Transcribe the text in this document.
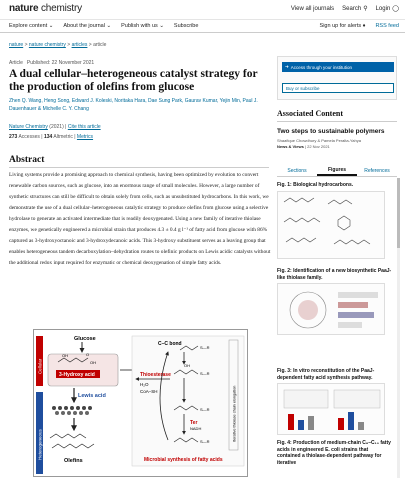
nature chemistry	View all journals Search ⚲ Login ◯
Explore content ⌄ About the journal ⌄ Publish with us ⌄ Subscribe	Sign up for alerts ♦ RSS feed
nature > nature chemistry > articles > article
Article Published: 22 November 2021
A dual cellular–heterogeneous catalyst strategy for the production of olefins from glucose
Zhen Q. Wang, Heng Song, Edward J. Koleski, Noritaka Hara, Dae Sung Park, Gaurav Kumar, Yejin Min, Paul J. Dauenhauer & Michelle C. Y. Chang
Nature Chemistry (2021) | Cite this article
273 Accesses | 134 Altmetric | Metrics
Abstract

Living systems provide a promising approach to chemical synthesis, having been optimized by evolution to convert renewable carbon sources, such as glucose, into an enormous range of small molecules. However, a large number of synthetic structures can still be difficult to obtain solely from cells, such as unsubstituted hydrocarbons. In this work, we demonstrate the use of a dual cellular–heterogeneous catalytic strategy to produce olefins from glucose using a selective hydrolase to generate an activated intermediate that is readily deoxygenated. Using a new family of iterative thiolase enzymes, we genetically engineered a microbial strain that produces 4.3 ± 0.4 g l⁻¹ of fatty acid from glucose with 86% captured as 3-hydroxyoctanoic and 3-hydroxydecanoic acids. This 3-hydroxy substituent serves as a leaving group that enables heterogeneous tandem decarboxylation–dehydration routes to olefinic products on Lewis acidic catalysts without the additional redox input required for enzymatic or chemical deoxygenation of simple fatty acids.

Cellular
Heterogeneous
Glucose
OH	O
OH
3-Hydroxy acid
Lewis acid
Olefins
C–C bond
S—R
OH
S—R
S—R
S—R
Thioesterase
H₂O
CoA–SH
Ter
NADH	Iterative thiolase chain elongation
Microbial synthesis of fatty acids
➜ Access through your institution
Buy or subscribe
Associated Content
Two steps to sustainable polymers
Shaafique Chowdhury & Pamela Peralta-Yahya
News & Views | 22 Nov 2021
Sections	Figures	References
Fig. 1: Biological hydrocarbons.
Fig. 2: Identification of a new biosynthetic PaaJ-like thiolase family.
Fig. 3: In vitro reconstitution of the PaaJ-dependent fatty acid synthesis pathway.
Fig. 4: Production of medium-chain C₈–C₁₀ fatty acids in engineered E. coli strains that contained a thiolase-dependent pathway for iterative
